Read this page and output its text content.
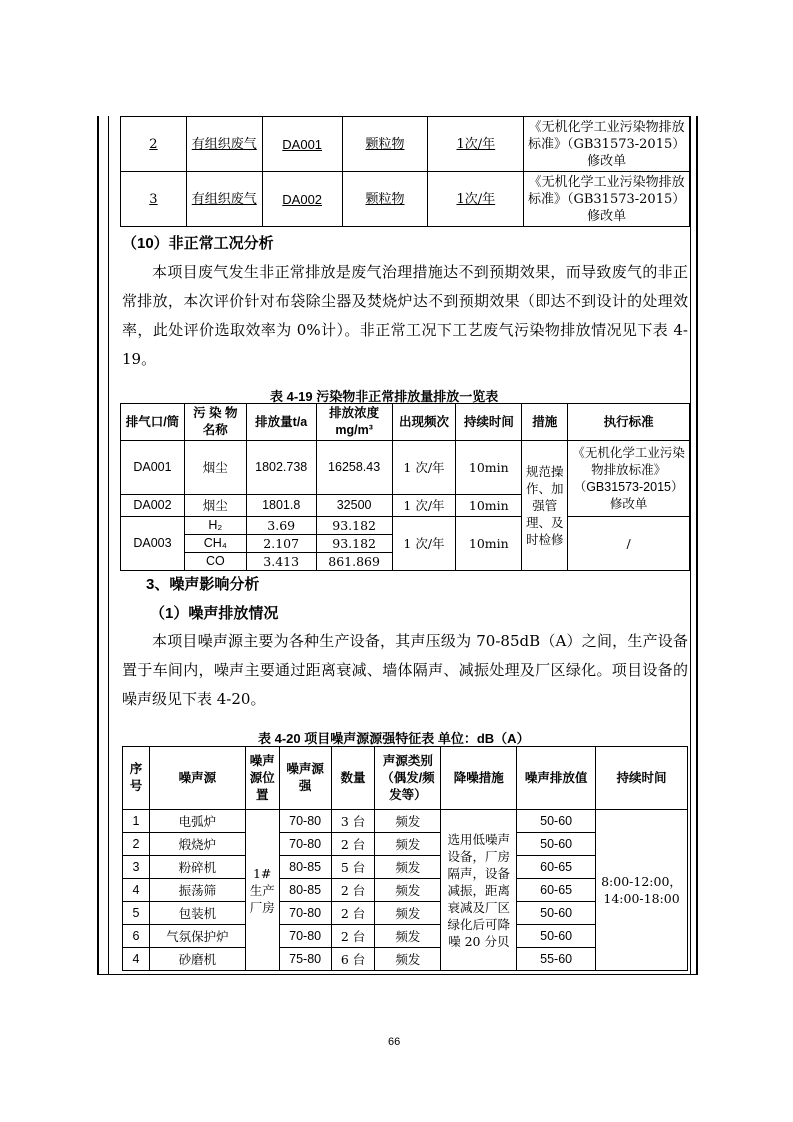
2	有组织废气	DA001	颗粒物	1次/年	《无机化学工业污染物排放标准》（GB31573-2015）修改单
3	有组织废气	DA002	颗粒物	1次/年	《无机化学工业污染物排放标准》（GB31573-2015）修改单
（10）非正常工况分析
本项目废气发生非正常排放是废气治理措施达不到预期效果，而导致废气的非正常排放，本次评价针对布袋除尘器及焚烧炉达不到预期效果（即达不到设计的处理效率，此处评价选取效率为 0%计）。非正常工况下工艺废气污染物排放情况见下表 4-19。
表 4-19 污染物非正常排放量排放一览表
排气口/筒	污 染 物名称	排放量t/a	排放浓度mg/m³	出现频次	持续时间	措施	执行标准
DA001	烟尘	1802.738	16258.43	1 次/年	10min	规范操作、加强管理、及时检修	《无机化学工业污染物排放标准》（GB31573-2015）修改单
DA002	烟尘	1801.8	32500	1 次/年	10min		
DA003	H₂	3.69	93.182	1 次/年	10min		/
	CH₄	2.107	93.182				
	CO	3.413	861.869				
3、噪声影响分析
（1）噪声排放情况
本项目噪声源主要为各种生产设备，其声压级为 70-85dB（A）之间，生产设备置于车间内，噪声主要通过距离衰减、墙体隔声、减振处理及厂区绿化。项目设备的噪声级见下表 4-20。
表 4-20 项目噪声源源强特征表 单位：dB（A）
序号	噪声源	噪声源位置	噪声源强	数量	声源类别（偶发/频发等）	降噪措施	噪声排放值	持续时间
1	电弧炉	1#生产厂房	70-80	3 台	频发	选用低噪声设备，厂房隔声，设备减振，距离衰减及厂区绿化后可降噪 20 分贝	50-60	8:00-12:00，14:00-18:00
2	煅烧炉		70-80	2 台	频发		50-60	
3	粉碎机		80-85	5 台	频发		60-65	
4	振荡筛		80-85	2 台	频发		60-65	
5	包装机		70-80	2 台	频发		50-60	
6	气氛保护炉		70-80	2 台	频发		50-60	
4	砂磨机		75-80	6 台	频发		55-60	
66
